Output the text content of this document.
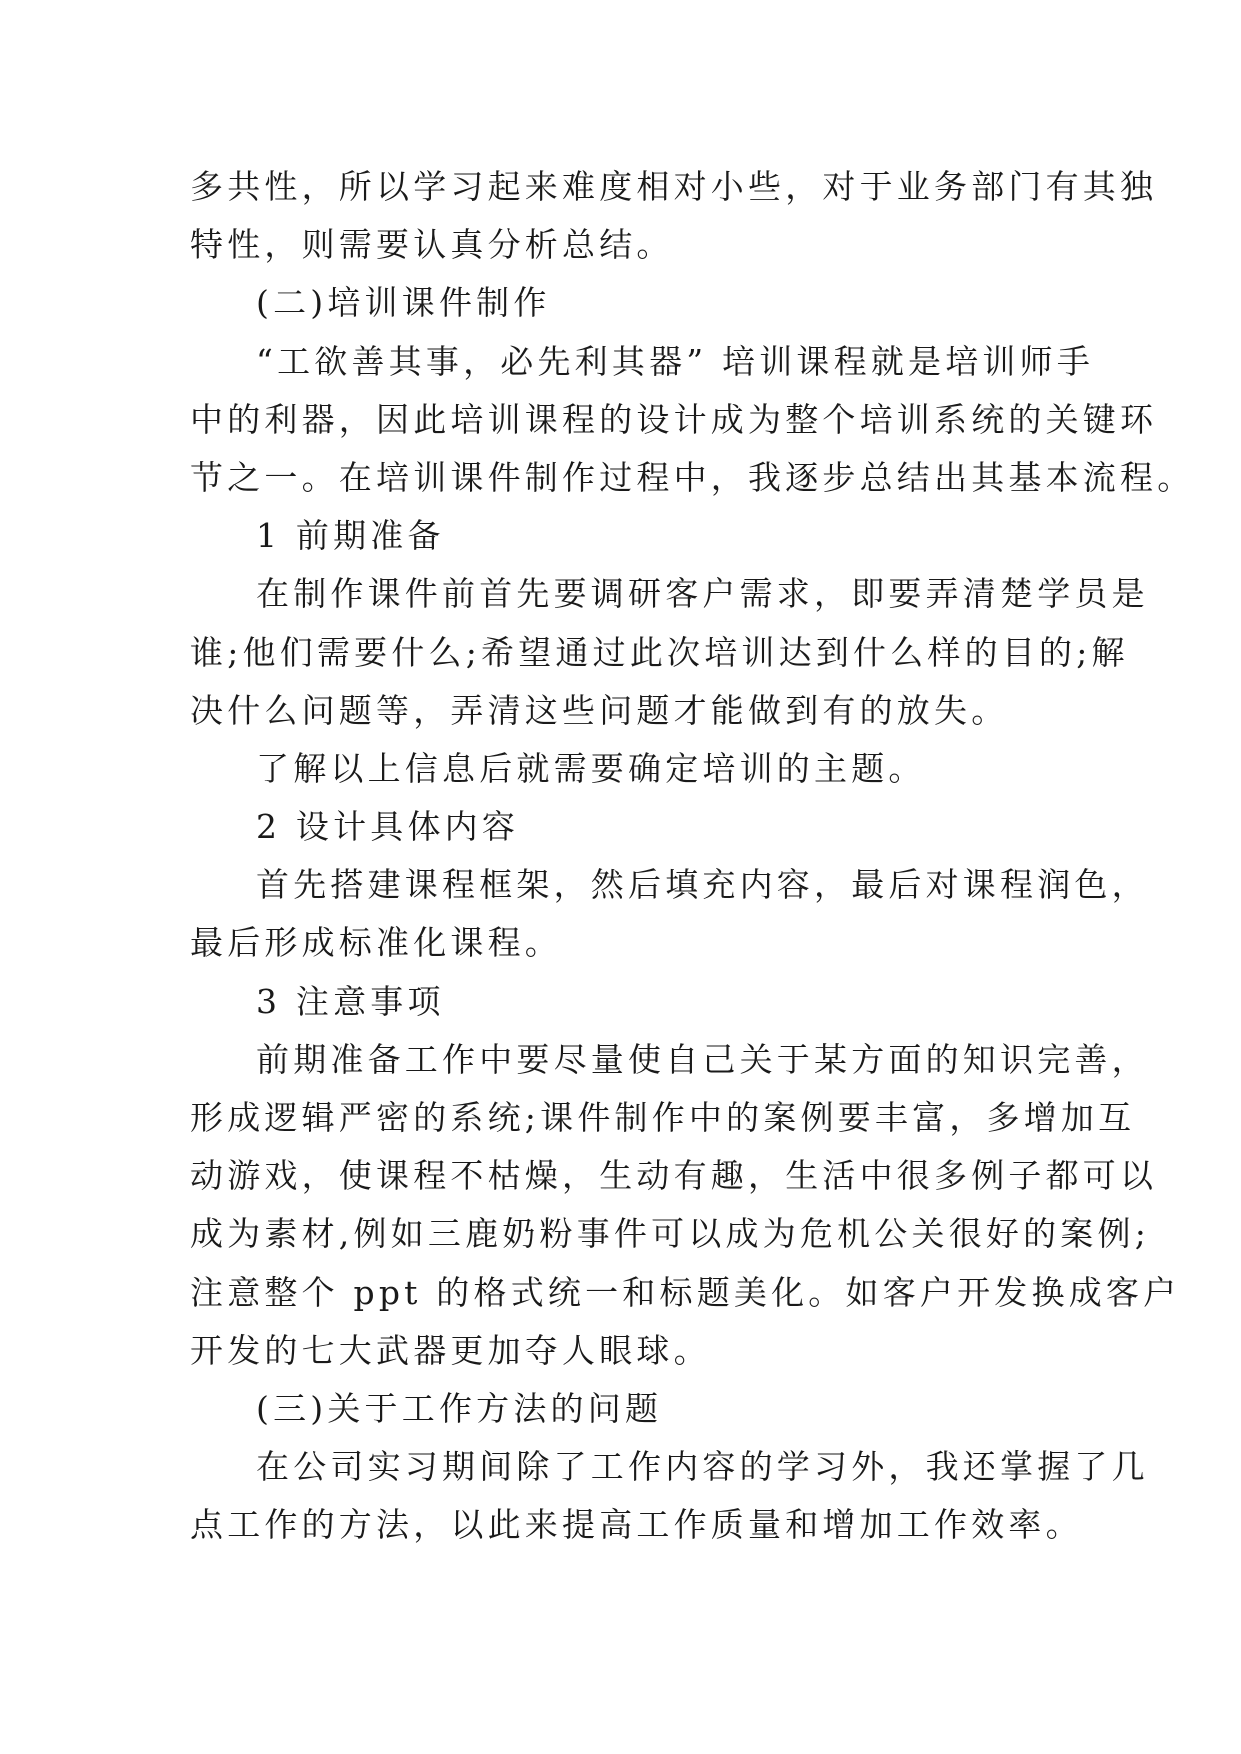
多共性，所以学习起来难度相对小些，对于业务部门有其独
特性，则需要认真分析总结。
(二)培训课件制作
“工欲善其事，必先利其器” 培训课程就是培训师手
中的利器，因此培训课程的设计成为整个培训系统的关键环
节之一。在培训课件制作过程中，我逐步总结出其基本流程。
1 前期准备
在制作课件前首先要调研客户需求，即要弄清楚学员是
谁;他们需要什么;希望通过此次培训达到什么样的目的;解
决什么问题等，弄清这些问题才能做到有的放失。
了解以上信息后就需要确定培训的主题。
2 设计具体内容
首先搭建课程框架，然后填充内容，最后对课程润色，
最后形成标准化课程。
3 注意事项
前期准备工作中要尽量使自己关于某方面的知识完善，
形成逻辑严密的系统;课件制作中的案例要丰富，多增加互
动游戏，使课程不枯燥，生动有趣，生活中很多例子都可以
成为素材,例如三鹿奶粉事件可以成为危机公关很好的案例;
注意整个 ppt 的格式统一和标题美化。如客户开发换成客户
开发的七大武器更加夺人眼球。
(三)关于工作方法的问题
在公司实习期间除了工作内容的学习外，我还掌握了几
点工作的方法，以此来提高工作质量和增加工作效率。
